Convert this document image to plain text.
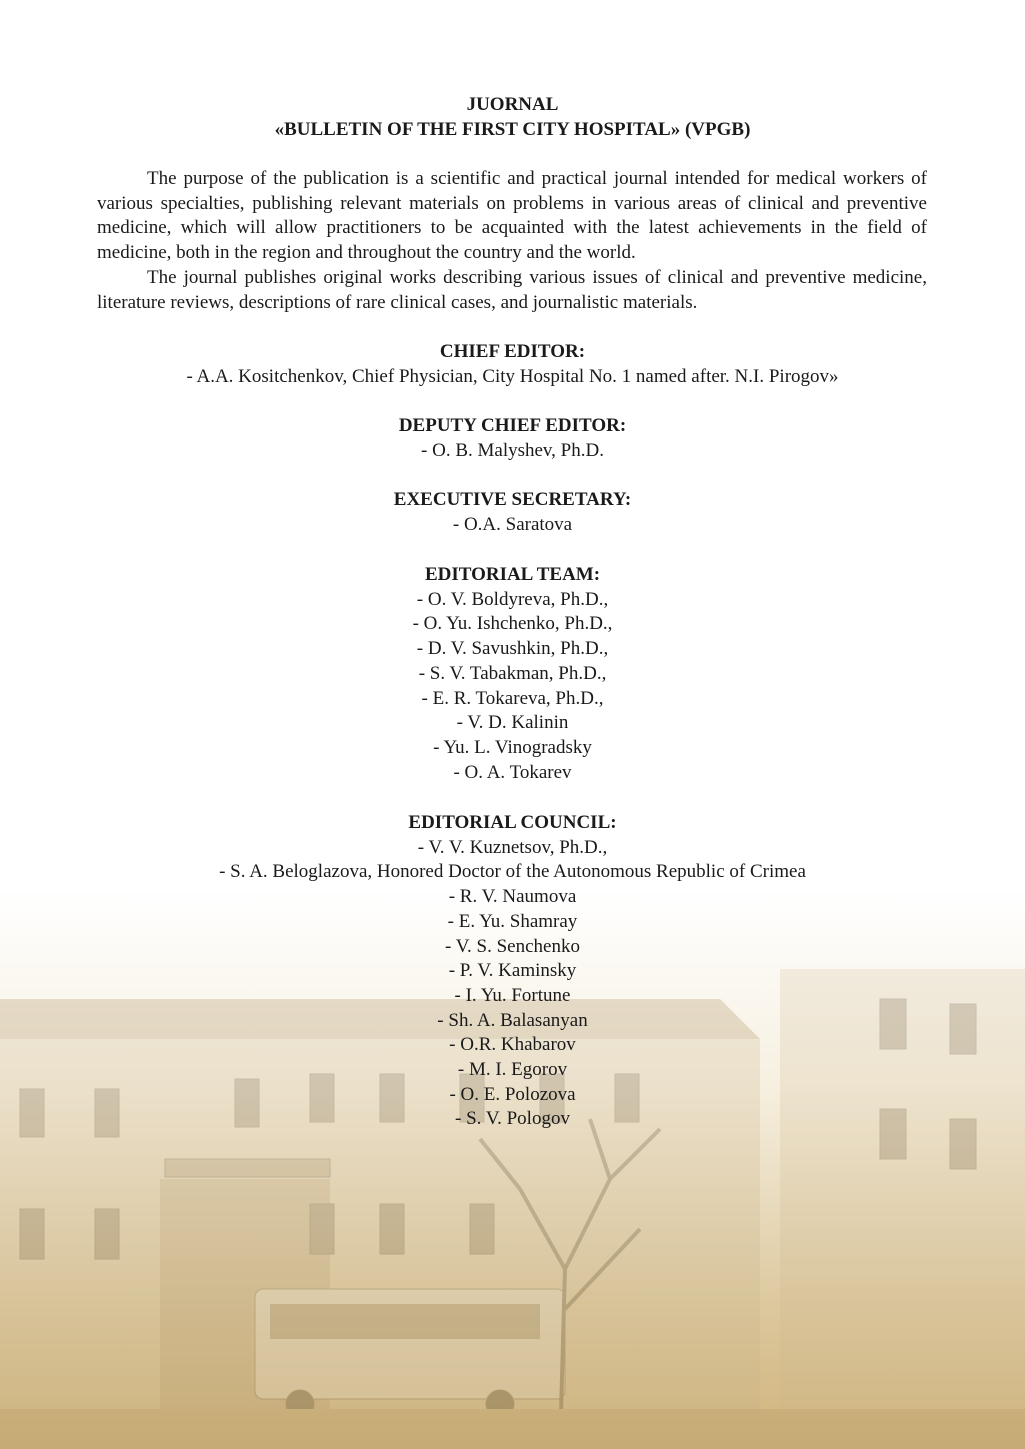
JUORNAL
«BULLETIN OF THE FIRST CITY HOSPITAL» (VPGB)

The purpose of the publication is a scientific and practical journal intended for medical workers of various specialties, publishing relevant materials on problems in various areas of clinical and preventive medicine, which will allow practitioners to be acquainted with the latest achievements in the field of medicine, both in the region and throughout the country and the world.

The journal publishes original works describing various issues of clinical and preventive medicine, literature reviews, descriptions of rare clinical cases, and journalistic materials.

CHIEF EDITOR:
- A.A. Kositchenkov, Chief Physician, City Hospital No. 1 named after. N.I. Pirogov»
DEPUTY CHIEF EDITOR:
- O. B. Malyshev, Ph.D.
EXECUTIVE SECRETARY:
- O.A. Saratova
EDITORIAL TEAM:
- O. V. Boldyreva, Ph.D.,
- O. Yu. Ishchenko, Ph.D.,
- D. V. Savushkin, Ph.D.,
- S. V. Tabakman, Ph.D.,
- E. R. Tokareva, Ph.D.,
- V. D. Kalinin
- Yu. L. Vinogradsky
- O. A. Tokarev
EDITORIAL COUNCIL:
- V. V. Kuznetsov, Ph.D.,
- S. A. Beloglazova, Honored Doctor of the Autonomous Republic of Crimea
- R. V. Naumova
- E. Yu. Shamray
- V. S. Senchenko
- P. V. Kaminsky
- I. Yu. Fortune
- Sh. A. Balasanyan
- O.R. Khabarov
- M. I. Egorov
- O. E. Polozova
- S. V. Pologov
